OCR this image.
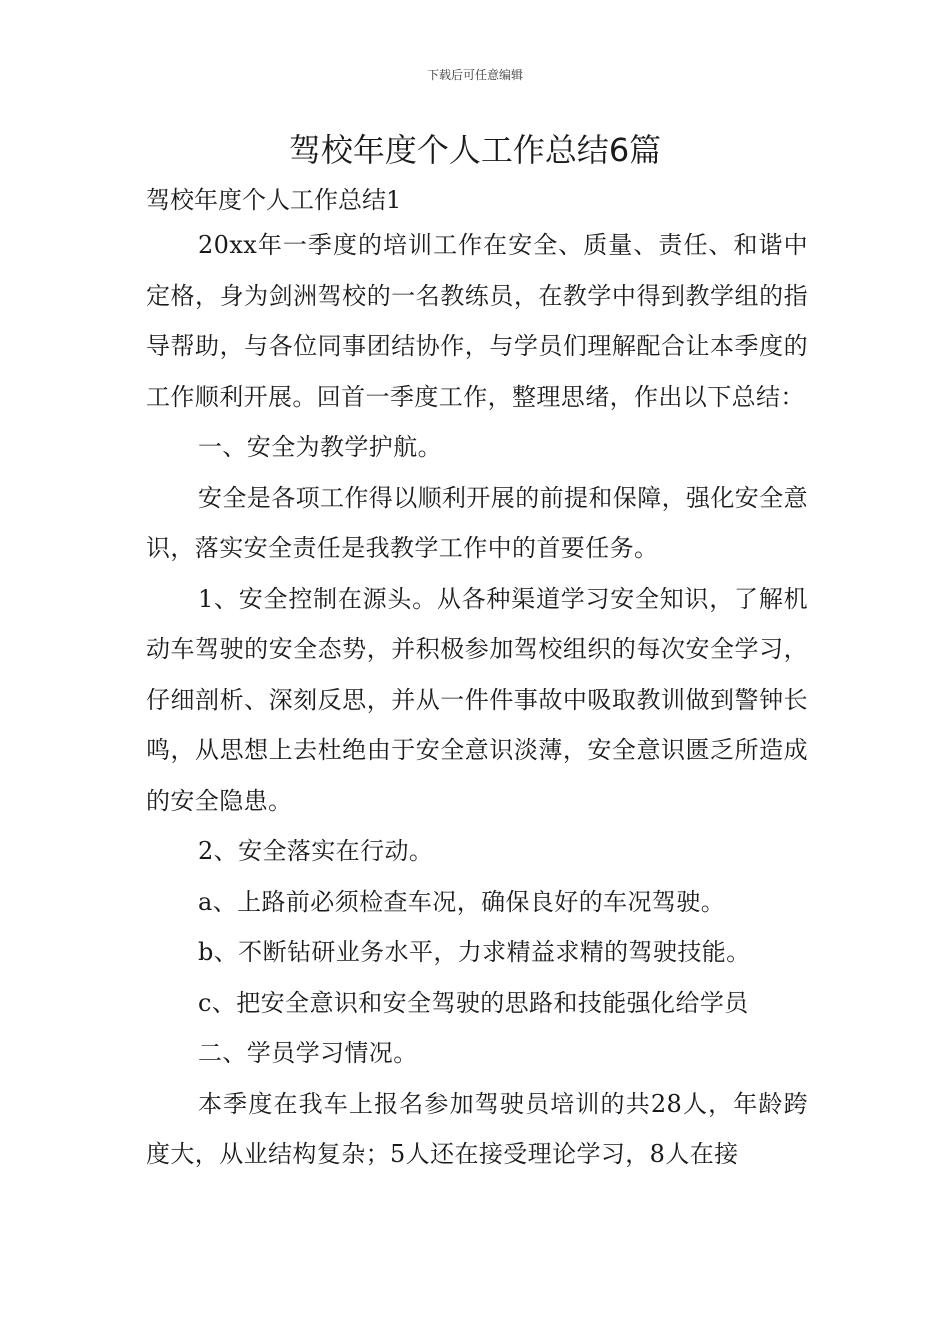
下载后可任意编辑
驾校年度个人工作总结6篇
驾校年度个人工作总结1

20xx年一季度的培训工作在安全、质量、责任、和谐中定格，身为剑洲驾校的一名教练员，在教学中得到教学组的指导帮助，与各位同事团结协作，与学员们理解配合让本季度的工作顺利开展。回首一季度工作，整理思绪，作出以下总结：

一、安全为教学护航。

安全是各项工作得以顺利开展的前提和保障，强化安全意识，落实安全责任是我教学工作中的首要任务。

1、安全控制在源头。从各种渠道学习安全知识，了解机动车驾驶的安全态势，并积极参加驾校组织的每次安全学习，仔细剖析、深刻反思，并从一件件事故中吸取教训做到警钟长鸣，从思想上去杜绝由于安全意识淡薄，安全意识匮乏所造成的安全隐患。

2、安全落实在行动。

a、上路前必须检查车况，确保良好的车况驾驶。

b、不断钻研业务水平，力求精益求精的驾驶技能。

c、把安全意识和安全驾驶的思路和技能强化给学员

二、学员学习情况。

本季度在我车上报名参加驾驶员培训的共28人，年龄跨度大，从业结构复杂；5人还在接受理论学习，8人在接
